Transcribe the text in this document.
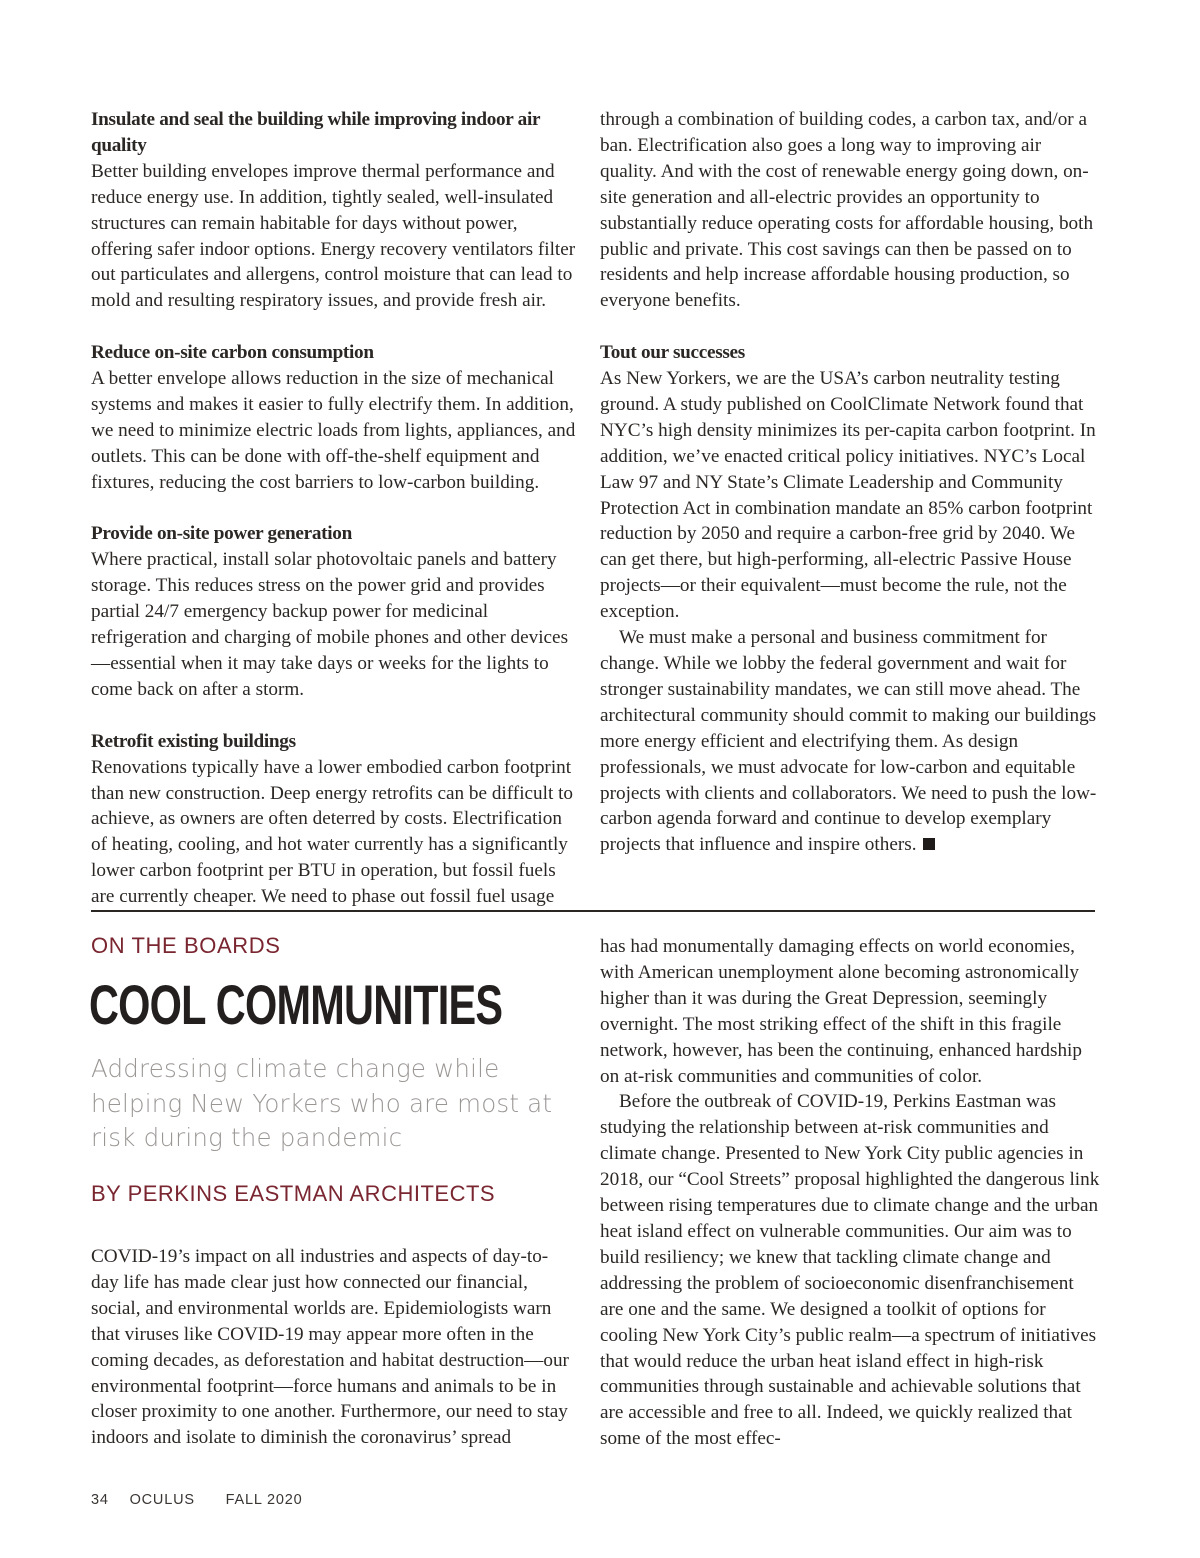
Insulate and seal the building while improving indoor air quality
Better building envelopes improve thermal performance and reduce energy use. In addition, tightly sealed, well-insulated structures can remain habitable for days without power, offering safer indoor options. Energy recovery ventilators filter out particulates and allergens, control moisture that can lead to mold and resulting respiratory issues, and provide fresh air.
Reduce on-site carbon consumption
A better envelope allows reduction in the size of mechanical systems and makes it easier to fully electrify them. In addition, we need to minimize electric loads from lights, appliances, and outlets. This can be done with off-the-shelf equipment and fixtures, reducing the cost barriers to low-carbon building.
Provide on-site power generation
Where practical, install solar photovoltaic panels and battery storage. This reduces stress on the power grid and provides partial 24/7 emergency backup power for medicinal refrigeration and charging of mobile phones and other devices—essential when it may take days or weeks for the lights to come back on after a storm.
Retrofit existing buildings
Renovations typically have a lower embodied carbon footprint than new construction. Deep energy retrofits can be difficult to achieve, as owners are often deterred by costs. Electrification of heating, cooling, and hot water currently has a significantly lower carbon footprint per BTU in operation, but fossil fuels are currently cheaper. We need to phase out fossil fuel usage

through a combination of building codes, a carbon tax, and/or a ban. Electrification also goes a long way to improving air quality. And with the cost of renewable energy going down, on-site generation and all-electric provides an opportunity to substantially reduce operating costs for affordable housing, both public and private. This cost savings can then be passed on to residents and help increase affordable housing production, so everyone benefits.

Tout our successes
As New Yorkers, we are the USA’s carbon neutrality testing ground. A study published on CoolClimate Network found that NYC’s high density minimizes its per-capita carbon footprint. In addition, we’ve enacted critical policy initiatives. NYC’s Local Law 97 and NY State’s Climate Leadership and Community Protection Act in combination mandate an 85% carbon footprint reduction by 2050 and require a carbon-free grid by 2040. We can get there, but high-performing, all-electric Passive House projects—or their equivalent—must become the rule, not the exception.

We must make a personal and business commitment for change. While we lobby the federal government and wait for stronger sustainability mandates, we can still move ahead. The architectural community should commit to making our buildings more energy efficient and electrifying them. As design professionals, we must advocate for low-carbon and equitable projects with clients and collaborators. We need to push the low-carbon agenda forward and continue to develop exemplary projects that influence and inspire others.

ON THE BOARDS
COOL COMMUNITIES
Addressing climate change while helping New Yorkers who are most at risk during the pandemic
BY PERKINS EASTMAN ARCHITECTS

COVID-19’s impact on all industries and aspects of day-to-day life has made clear just how connected our financial, social, and environmental worlds are. Epidemiologists warn that viruses like COVID-19 may appear more often in the coming decades, as deforestation and habitat destruction—our environmental footprint—force humans and animals to be in closer proximity to one another. Furthermore, our need to stay indoors and isolate to diminish the coronavirus’ spread

has had monumentally damaging effects on world economies, with American unemployment alone becoming astronomically higher than it was during the Great Depression, seemingly overnight. The most striking effect of the shift in this fragile network, however, has been the continuing, enhanced hardship on at-risk communities and communities of color.

Before the outbreak of COVID-19, Perkins Eastman was studying the relationship between at-risk communities and climate change. Presented to New York City public agencies in 2018, our “Cool Streets” proposal highlighted the dangerous link between rising temperatures due to climate change and the urban heat island effect on vulnerable communities. Our aim was to build resiliency; we knew that tackling climate change and addressing the problem of socioeconomic disenfranchisement are one and the same. We designed a toolkit of options for cooling New York City’s public realm—a spectrum of initiatives that would reduce the urban heat island effect in high-risk communities through sustainable and achievable solutions that are accessible and free to all. Indeed, we quickly realized that some of the most effec-

34 OCULUS FALL 2020
